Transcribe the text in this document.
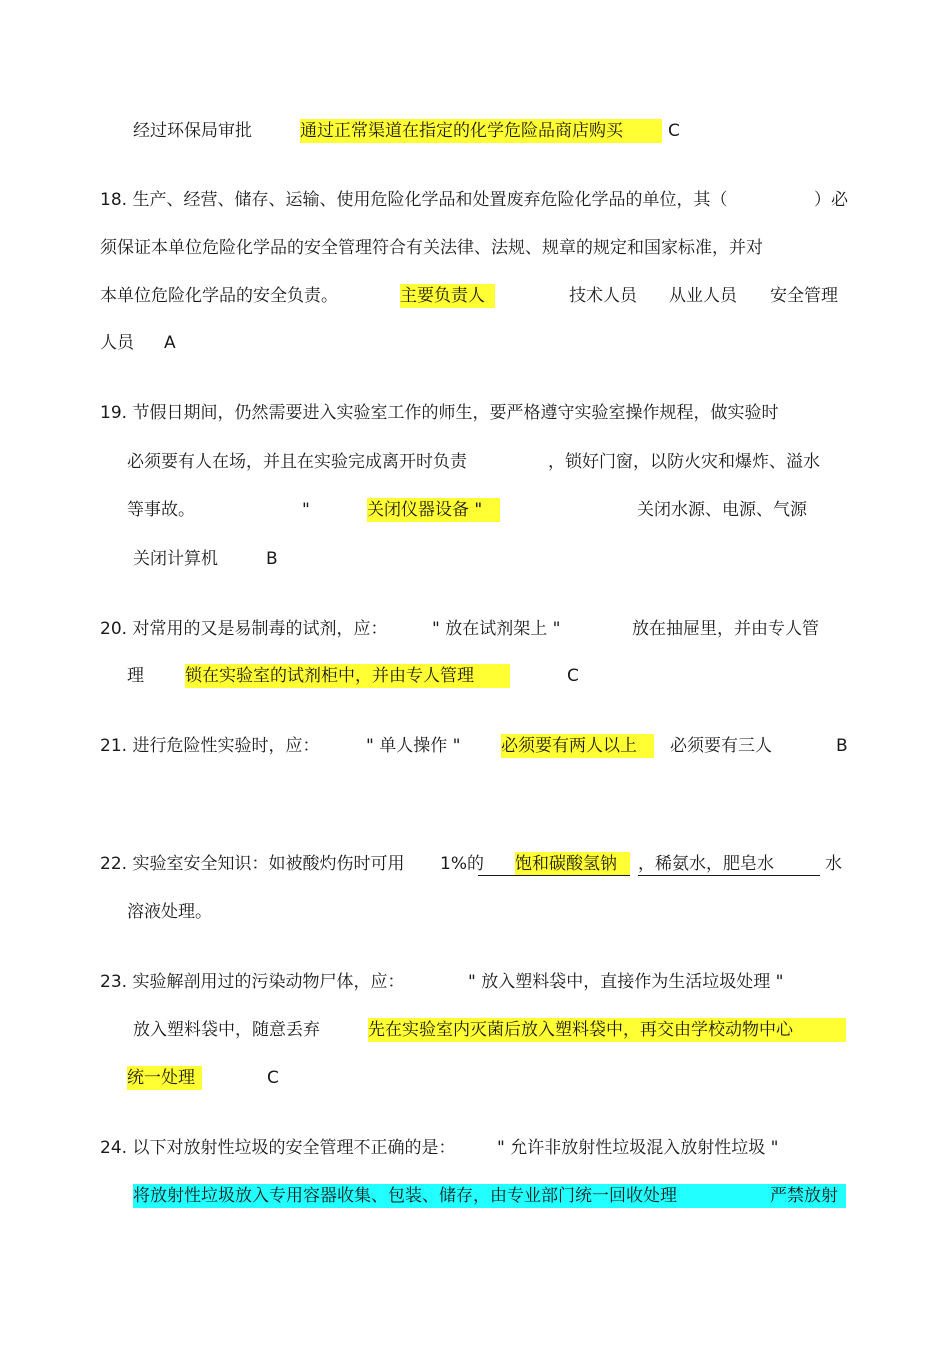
经过环保局审批	通过正常渠道在指定的化学危险品商店购买	C
18. 生产、经营、储存、运输、使用危险化学品和处置废弃危险化学品的单位，其（	）必
须保证本单位危险化学品的安全管理符合有关法律、法规、规章的规定和国家标准，并对
本单位危险化学品的安全负责。	主要负责人	技术人员 从业人员 安全管理
人员 A
19. 节假日期间，仍然需要进入实验室工作的师生，要严格遵守实验室操作规程，做实验时
必须要有人在场，并且在实验完成离开时负责	，锁好门窗，以防火灾和爆炸、溢水
等事故。	"	关闭仪器设备 "	关闭水源、电源、气源
关闭计算机	B
20. 对常用的又是易制毒的试剂，应：	" 放在试剂架上 "	放在抽屉里，并由专人管
理 锁在实验室的试剂柜中，并由专人管理	C
21. 进行危险性实验时，应：	" 单人操作 " 必须要有两人以上	必须要有三人	B
22. 实验室安全知识：如被酸灼伤时可用 1%的 饱和碳酸氢钠	，稀氨水，肥皂水	水
溶液处理。
23. 实验解剖用过的污染动物尸体，应：	" 放入塑料袋中，直接作为生活垃圾处理 "
放入塑料袋中，随意丢弃	先在实验室内灭菌后放入塑料袋中，再交由学校动物中心
统一处理	C
24. 以下对放射性垃圾的安全管理不正确的是： " 允许非放射性垃圾混入放射性垃圾 "
将放射性垃圾放入专用容器收集、包装、储存，由专业部门统一回收处理	严禁放射
